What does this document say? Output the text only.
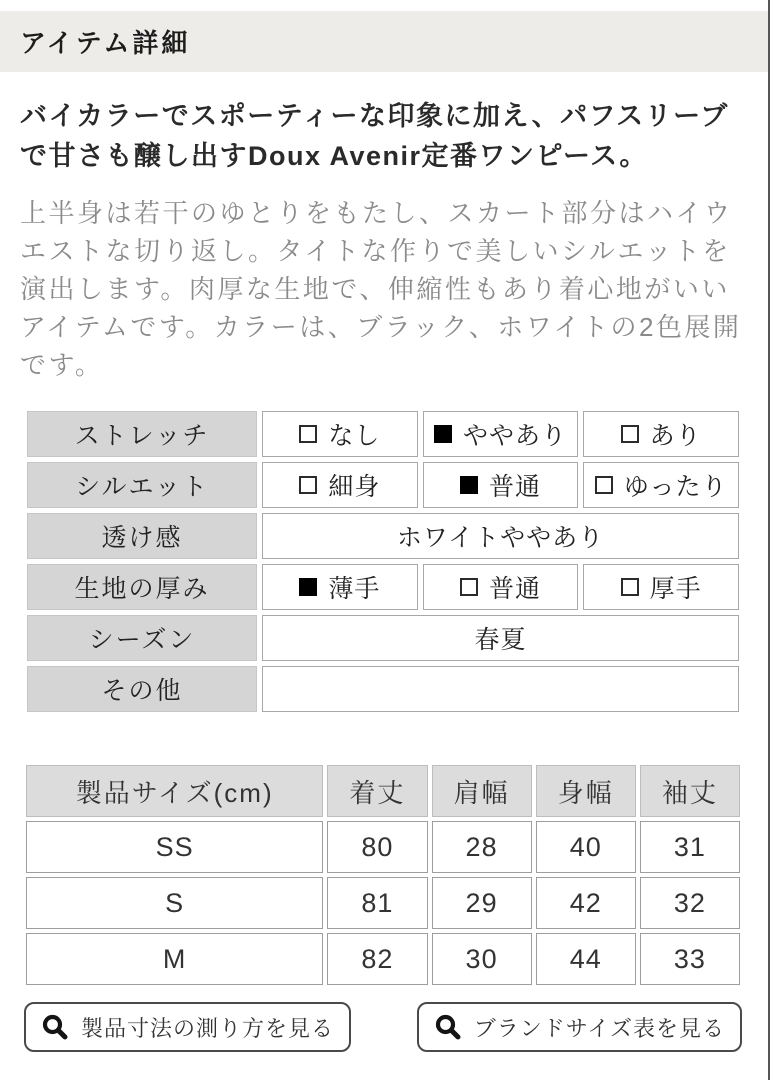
アイテム詳細

バイカラーでスポーティーな印象に加え、パフスリーブで甘さも醸し出すDoux Avenir定番ワンピース。

上半身は若干のゆとりをもたし、スカート部分はハイウエストな切り返し。タイトな作りで美しいシルエットを演出します。肉厚な生地で、伸縮性もあり着心地がいいアイテムです。カラーは、ブラック、ホワイトの2色展開です。

ストレッチ	なし	ややあり	あり

シルエット	細身	普通	ゆったり

透け感	ホワイトややあり		
生地の厚み	薄手	普通	厚手

シーズン	春夏		
その他			
製品サイズ(cm)	着丈	肩幅	身幅	袖丈
SS	80	28	40	31
S	81	29	42	32
M	82	30	44	33
製品寸法の測り方を見る	ブランドサイズ表を見る
